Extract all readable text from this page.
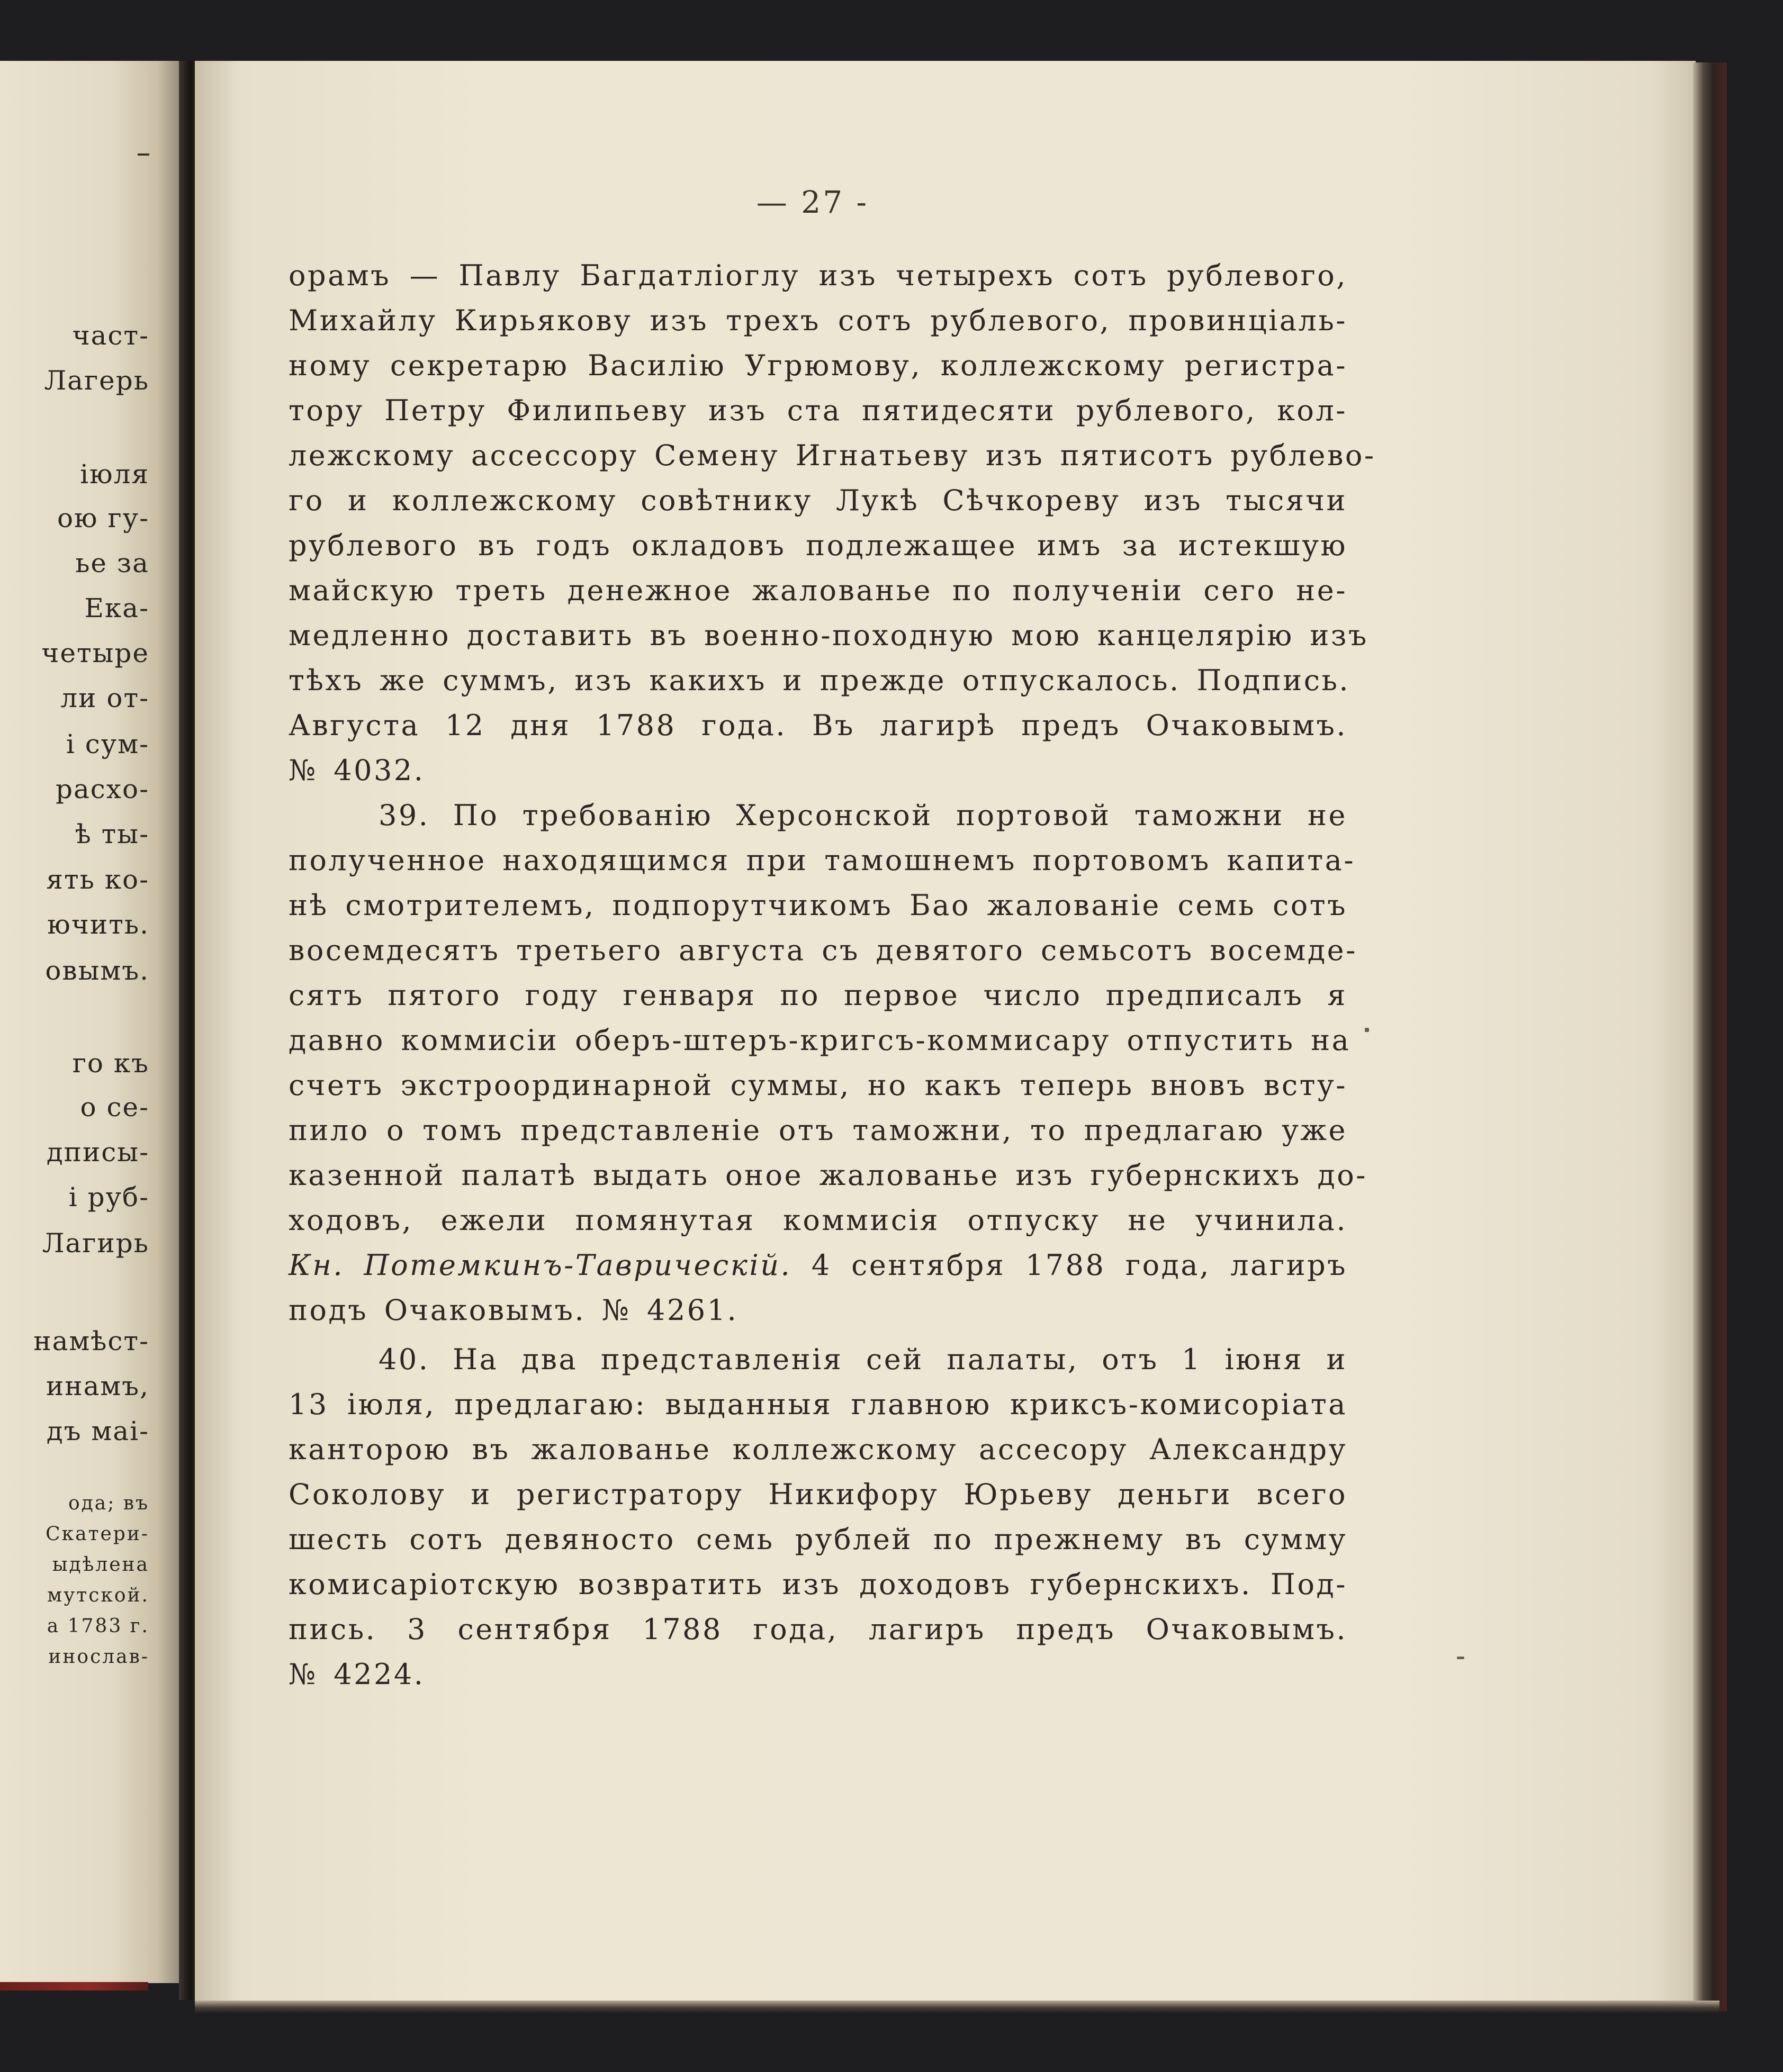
част-
Лагерь
іюля
ою гу-
ье за
Ека-
четыре
ли от-
і сум-
расхо-
ѣ ты-
ять ко-
ючить.
овымъ.
го къ
о се-
дписы-
і руб-
Лагирь
намѣст-
инамъ,
дъ маі-
ода; въ
Скатери-
ыдѣлена
мутской.
а 1783 г.
инослав-
— 27 -
орамъ — Павлу Багдатліоглу изъ четырехъ сотъ рублевого,
Михайлу Кирьякову изъ трехъ сотъ рублевого, провинціаль-
ному секретарю Василію Угрюмову, коллежскому регистра-
тору Петру Филипьеву изъ ста пятидесяти рублевого, кол-
лежскому ассессору Семену Игнатьеву изъ пятисотъ рублево-
го и коллежскому совѣтнику Лукѣ Сѣчкореву изъ тысячи
рублевого въ годъ окладовъ подлежащее имъ за истекшую
майскую треть денежное жалованье по полученіи сего не-
медленно доставить въ военно-походную мою канцелярію изъ
тѣхъ же суммъ, изъ какихъ и прежде отпускалось. Подпись.
Августа 12 дня 1788 года. Въ лагирѣ предъ Очаковымъ.
№ 4032.
39. По требованію Херсонской портовой таможни не
полученное находящимся при тамошнемъ портовомъ капита-
нѣ смотрителемъ, подпорутчикомъ Бао жалованіе семь сотъ
восемдесятъ третьего августа съ девятого семьсотъ восемде-
сятъ пятого году генваря по первое число предписалъ я
давно коммисіи оберъ-штеръ-кригсъ-коммисару отпустить на
счетъ экстроординарной суммы, но какъ теперь вновъ всту-
пило о томъ представленіе отъ таможни, то предлагаю уже
казенной палатѣ выдать оное жалованье изъ губернскихъ до-
ходовъ, ежели помянутая коммисія отпуску не учинила.
Кн. Потемкинъ-Таврическій. 4 сентября 1788 года, лагиръ
подъ Очаковымъ. № 4261.
40. На два представленія сей палаты, отъ 1 іюня и
13 іюля, предлагаю: выданныя главною криксъ-комисоріата
канторою въ жалованье коллежскому ассесору Александру
Соколову и регистратору Никифору Юрьеву деньги всего
шесть сотъ девяносто семь рублей по прежнему въ сумму
комисаріотскую возвратить изъ доходовъ губернскихъ. Под-
пись. 3 сентября 1788 года, лагиръ предъ Очаковымъ.
№ 4224.
